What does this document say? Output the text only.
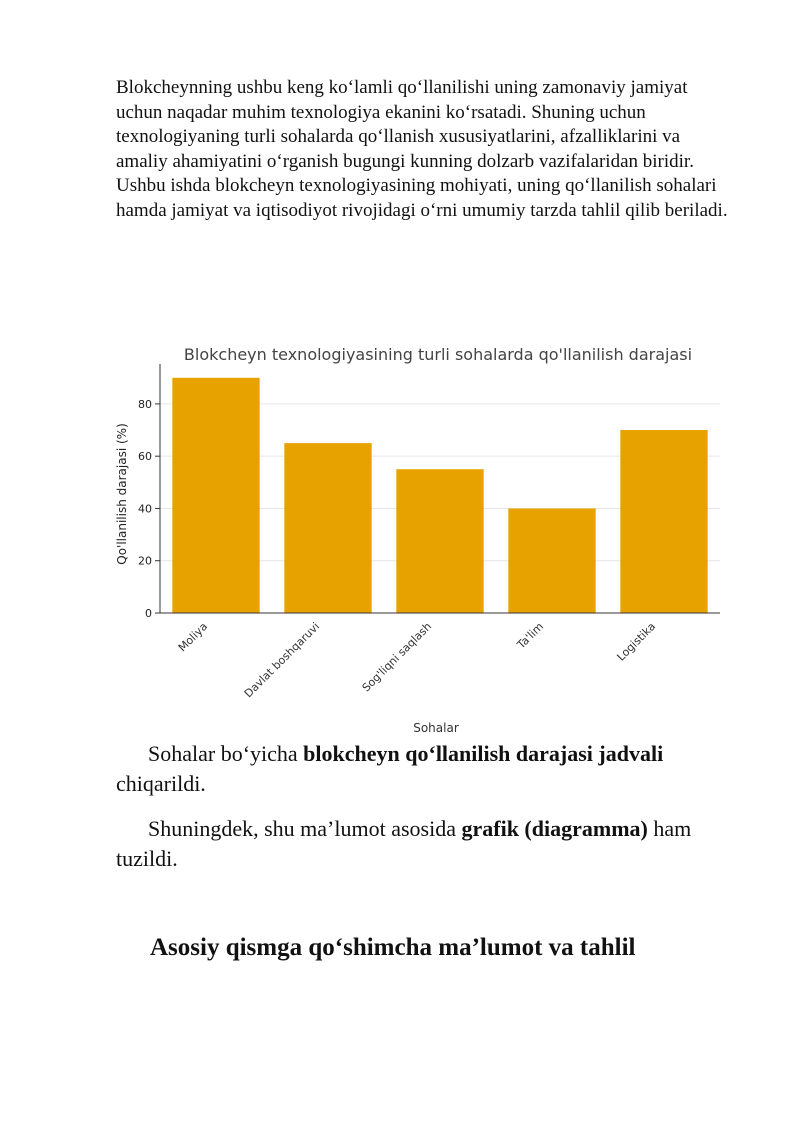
Blokcheynning ushbu keng ko‘lamli qo‘llanilishi uning zamonaviy jamiyat uchun naqadar muhim texnologiya ekanini ko‘rsatadi. Shuning uchun texnologiyaning turli sohalarda qo‘llanish xususiyatlarini, afzalliklarini va amaliy ahamiyatini o‘rganish bugungi kunning dolzarb vazifalaridan biridir. Ushbu ishda blokcheyn texnologiyasining mohiyati, uning qo‘llanilish sohalari hamda jamiyat va iqtisodiyot rivojidagi o‘rni umumiy tarzda tahlil qilib beriladi.

Blokcheyn texnologiyasining turli sohalarda qo'llanilish darajasi
Qo'llanilish darajasi (%)
Sohalar
0
20
40
60
80
Moliya	Davlat boshqaruvi	Sog'liqni saqlash	Ta'lim	Logistika

Sohalar bo‘yicha blokcheyn qo‘llanilish darajasi jadvali chiqarildi.

Shuningdek, shu ma’lumot asosida grafik (diagramma) ham tuzildi.

Asosiy qismga qo‘shimcha ma’lumot va tahlil
